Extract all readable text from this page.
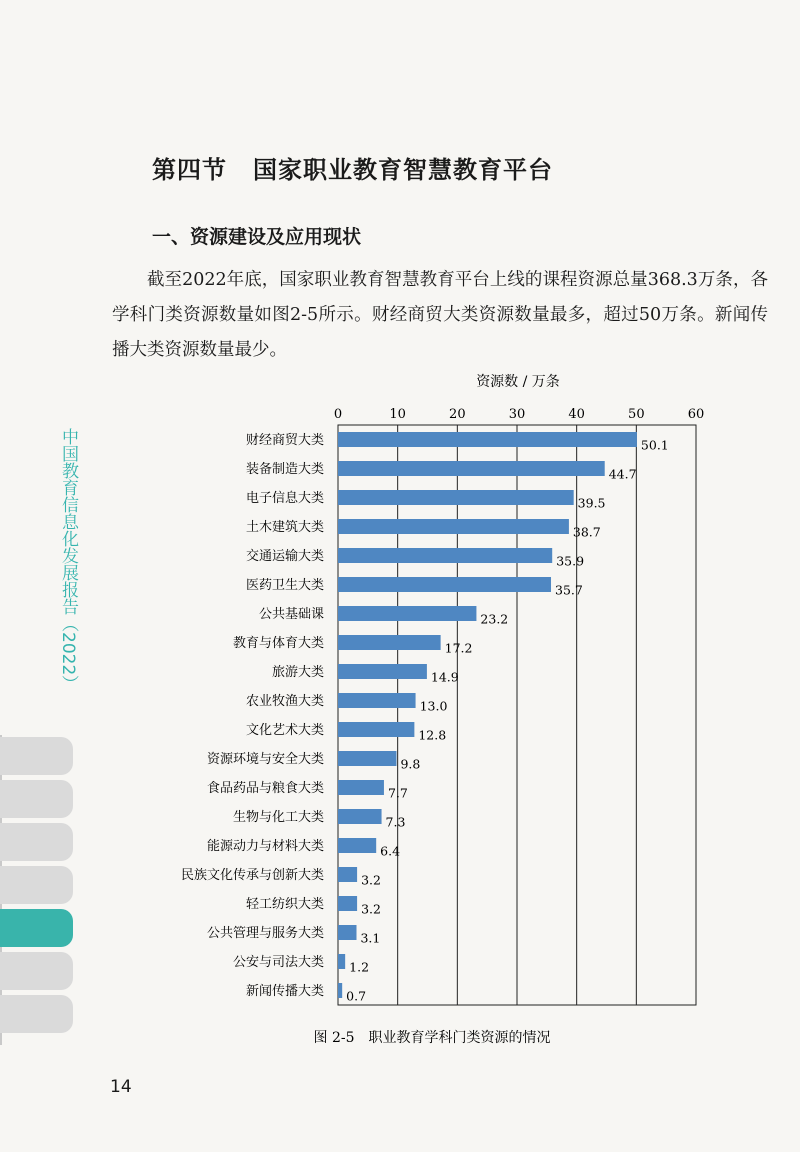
第四节 国家职业教育智慧教育平台
一、资源建设及应用现状

截至2022年底，国家职业教育智慧教育平台上线的课程资源总量368.3万条，各学科门类资源数量如图2-5所示。财经商贸大类资源数量最多，超过50万条。新闻传播大类资源数量最少。

中国教育信息化发展报告（2022）
资源数 / 万条
0	10	20	30	40	50	60
财经商贸大类	50.1
装备制造大类	44.7
电子信息大类	39.5
土木建筑大类	38.7
交通运输大类	35.9
医药卫生大类	35.7
公共基础课	23.2
教育与体育大类	17.2
旅游大类	14.9
农业牧渔大类	13.0
文化艺术大类	12.8
资源环境与安全大类	9.8
食品药品与粮食大类	7.7
生物与化工大类	7.3
能源动力与材料大类	6.4
民族文化传承与创新大类	3.2
轻工纺织大类	3.2
公共管理与服务大类	3.1
公安与司法大类 1.2
新闻传播大类 0.7
图 2-5　职业教育学科门类资源的情况
14
